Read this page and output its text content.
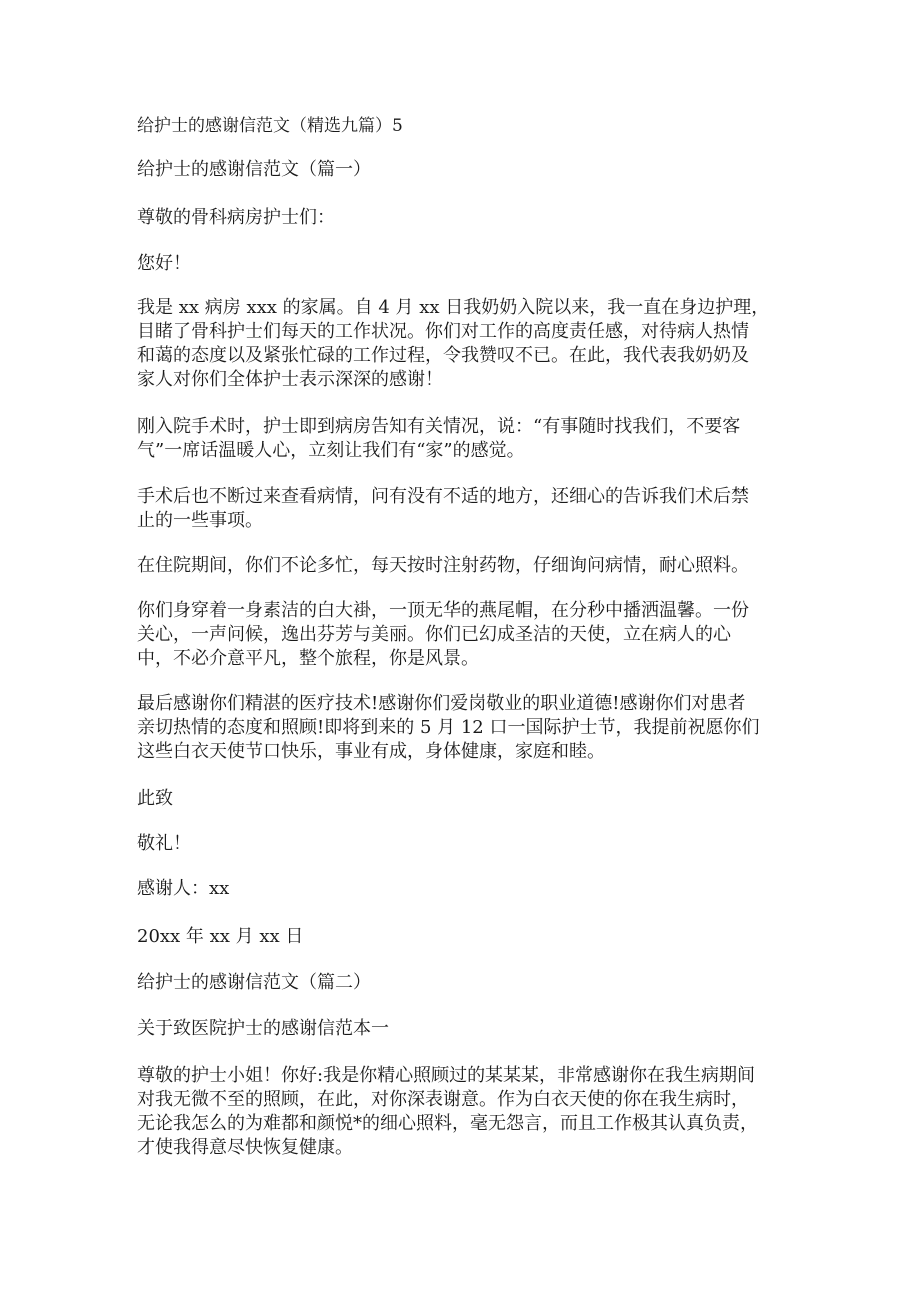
给护士的感谢信范文（精选九篇）5
给护士的感谢信范文（篇一）
尊敬的骨科病房护士们：
您好！
我是 xx 病房 xxx 的家属。自 4 月 xx 日我奶奶入院以来，我一直在身边护理，
目睹了骨科护士们每天的工作状况。你们对工作的高度责任感，对待病人热情
和蔼的态度以及紧张忙碌的工作过程，令我赞叹不已。在此，我代表我奶奶及
家人对你们全体护士表示深深的感谢！
刚入院手术时，护士即到病房告知有关情况，说：“有事随时找我们，不要客
气”一席话温暖人心，立刻让我们有“家”的感觉。
手术后也不断过来查看病情，问有没有不适的地方，还细心的告诉我们术后禁
止的一些事项。
在住院期间，你们不论多忙，每天按时注射药物，仔细询问病情，耐心照料。
你们身穿着一身素洁的白大褂，一顶无华的燕尾帽，在分秒中播洒温馨。一份
关心，一声问候，逸出芬芳与美丽。你们已幻成圣洁的天使，立在病人的心
中，不必介意平凡，整个旅程，你是风景。
最后感谢你们精湛的医疗技术!感谢你们爱岗敬业的职业道德!感谢你们对患者
亲切热情的态度和照顾!即将到来的 5 月 12 口一国际护士节，我提前祝愿你们
这些白衣天使节口快乐，事业有成，身体健康，家庭和睦。
此致
敬礼！
感谢人：xx
20xx 年 xx 月 xx 日
给护士的感谢信范文（篇二）
关于致医院护士的感谢信范本一
尊敬的护士小姐！你好:我是你精心照顾过的某某某，非常感谢你在我生病期间
对我无微不至的照顾，在此，对你深表谢意。作为白衣天使的你在我生病时，
无论我怎么的为难都和颜悦*的细心照料，毫无怨言，而且工作极其认真负责，
才使我得意尽快恢复健康。
